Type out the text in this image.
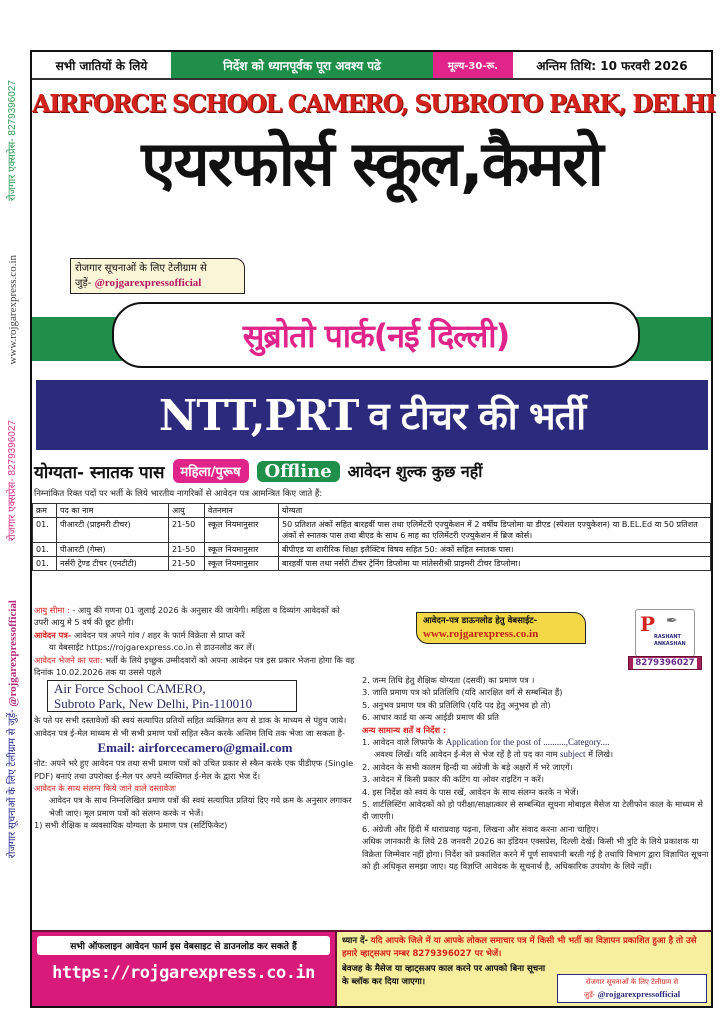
रोजगार एक्सप्रेस- 8279396027
www.rojgarexpress.co.in
रोजगार एक्सप्रेस- 8279396027
रोजगार सूचनाओं के लिए टेलीग्राम से जुड़ें- @rojgarexpressofficial
सभी जातियों के लिये	निर्देश को ध्यानपूर्वक पूरा अवश्य पढे	मूल्य-30-रू.	अन्तिम तिथि: 10 फरवरी 2026
AIRFORCE SCHOOL CAMERO, SUBROTO PARK, DELHI
एयरफोर्स स्कूल,कैमरो
रोजगार सूचनाओं के लिए टेलीग्राम से
जुड़ें- @rojgarexpressofficial
सुब्रोतो पार्क(नई दिल्ली)
NTT,PRT व टीचर की भर्ती
योग्यता- स्नातक पास	महिला/पुरूष	Offline	आवेदन शुल्क कुछ नहीं
निम्नांकित रिक्त पदों पर भर्ती के लिये भारतीय नागरिकों से आवेदन पत्र आमन्त्रित किए जाते हैं:
क्रम	पद का नाम	आयु	वेतनमान	योग्यता
01.	पीआरटी (प्राइमरी टीचर)	21-50	स्कूल नियमानुसार	50 प्रतिशत अंकों सहित बारहवीं पास तथा एलिमेंटरी एज्युकेशन में 2 वर्षीय डिप्लोमा या डीएड (स्पेशल एज्युकेशन) या B.EL.Ed या 50 प्रतिशत अंकों से स्नातक पास तथा बीएड के साथ 6 माह का एलिमेंटरी एज्युकेशन में ब्रिज कोर्स।
01.	पीआरटी (गेम्स)	21-50	स्कूल नियमानुसार	बीपीएड या शारीरिक शिक्षा इलैक्टिव विषय सहित 50: अंकों सहित स्नातक पास।
01.	नर्सरी ट्रेण्ड टीचर (एनटीटी)	21-50	स्कूल नियमानुसार	बारहवीं पास तथा नर्सरी टीचर ट्रेनिंग डिप्लोमा या मांतेसरीश्री प्राइमरी टीचर डिप्लोमा।
आयु सीमा : - आयु की गणना 01 जुलाई 2026 के अनुसार की जायेगी। महिला व दिव्यांग आवेदकों को उपरी आयु मे 5 वर्ष की छूट होगी।
आवेदन पत्र- आवेदन पत्र अपने गांव / शहर के फार्म विक्रेता से प्राप्त करें
या वेबसाईट https://rojgarexpress.co.in से डाउनलोड कर लें।
आवेदन भेजने का पता: भर्ती के लिये इच्छुक उम्मीदवारों को अपना आवेदन पत्र इस प्रकार भेजना होगा कि वह दिनांक 10.02.2026 तक या उससे पहले
Air Force School CAMERO,
Subroto Park, New Delhi, Pin-110010
के पते पर सभी दस्तावेजों की स्वयं सत्यापित प्रतियों सहित व्यक्तिगत रूप से डाक के माध्यम से पंहुच जाये। आवेदन पत्र ई-मेल माध्यम से भी सभी प्रमाण पत्रों सहित स्कैन करके अन्तिम तिथि तक भेजा जा सकता है-
Email: airforcecamero@gmail.com
नोट: अपने भरे हुए आवेदन पत्र तथा सभी प्रमाण पत्रों को उचित प्रकार से स्कैन करके एक पीडीएफ (Single PDF) बनाएं तथा उपरोक्त ई-मेल पर अपने व्यक्तिगत ई-मेल के द्वारा भेज दें।
आवेदन के साथ संलग्न किये जाने वाले दस्तावेजः
आवेदन पत्र के साथ निम्नलिखित प्रमाण पत्रों की स्वयं सत्यापित प्रतियां दिए गये क्रम के अनुसार लगाकर भेजी जाएं। मूल प्रमाण पत्रों को संलग्न करके न भेजें।
1) सभी शैक्षिक व व्यवसायिक योग्यता के प्रमाण पत्र (सर्टिफिकेट)
आवेदन-पत्र डाऊनलोड हेतु वेबसाईट-
www.rojgarexpress.co.in	P ✒
RASHANT
ANKASHAN
8279396027
2. जन्म तिथि हेतु शैक्षिक योग्यता (दसवीं) का प्रमाण पत्र ।
3. जाति प्रमाण पत्र को प्रतिलिपि (यदि आरक्षित वर्ग से सम्बन्धित हैं)
5. अनुभव प्रमाण पत्र की प्रतिलिपि (यदि पद हेतु अनुभव हो तो)
6. आधार कार्ड या अन्य आईडी प्रमाण की प्रति
अन्य सामान्य शर्तें व निर्देश :
1. आवेदन वाले लिफाफे के Application for the post of ..........,Category....
अवश्य लिखें। यदि आवेदन ई-मेल से भेज रहें है तो पद का नाम subject में लिखे।
2. आवेदन के सभी कालम हिन्दी या अंग्रेजी के बड़े अक्षरों में भरे जाएगें।
3. आवेदन में किसी प्रकार की कटिंग या ओवर राइटिंग न करें।
4. इस निर्देश को स्वयं के पास रखें, आवेदन के साथ संलग्न करके न भेजें।
5. शार्टलिस्टिंग आवेदकों को हो परीक्षा/साक्षात्कार से सम्बन्धित सूचना मोबाइल मैसेज या टेलीफोन काल के माध्यम से दी जाएगी।
6. अंग्रेजी और हिंदी में धाराप्रवाह पढ़ना, लिखना और संवाद करना आना चाहिए।
अधिक जानकारी के लिये 28 जनवरी 2026 का इंडियन एक्सप्रेस, दिल्ली देखें। किसी भी त्रुटि के लिये प्रकाशक या विक्रेता जिम्मेवार नहीं होगा। निर्देश को प्रकाशित करने में पूर्ण सावधानी बरती गई है तथापि विभाग द्वारा विज्ञापित सूचना को ही अधिकृत समझा जाए। यह विज्ञप्ति आवेदक के सूचनार्थ है, अधिकारिक उपयोग के लिये नहीं।
सभी ऑफलाइन आवेदन फार्म इस वेबसाइट से डाउनलोड कर सकते हैं
https://rojgarexpress.co.in
ध्यान दें- यदि आपके जिले में या आपके लोकल समाचार पत्र में किसी भी भर्ती का विज्ञापन प्रकाशित हुआ है तो उसे हमारे व्हाट्सअप नम्बर 8279396027 पर भेजें।
बेवजह के मैसेज या व्हाट्सअप काल करने पर आपको बिना सूचना के ब्लॉक कर दिया जाएगा।	रोजगार सूचनाओं के लिए टेलीग्राम से
जुड़ें- @rojgarexpressofficial
